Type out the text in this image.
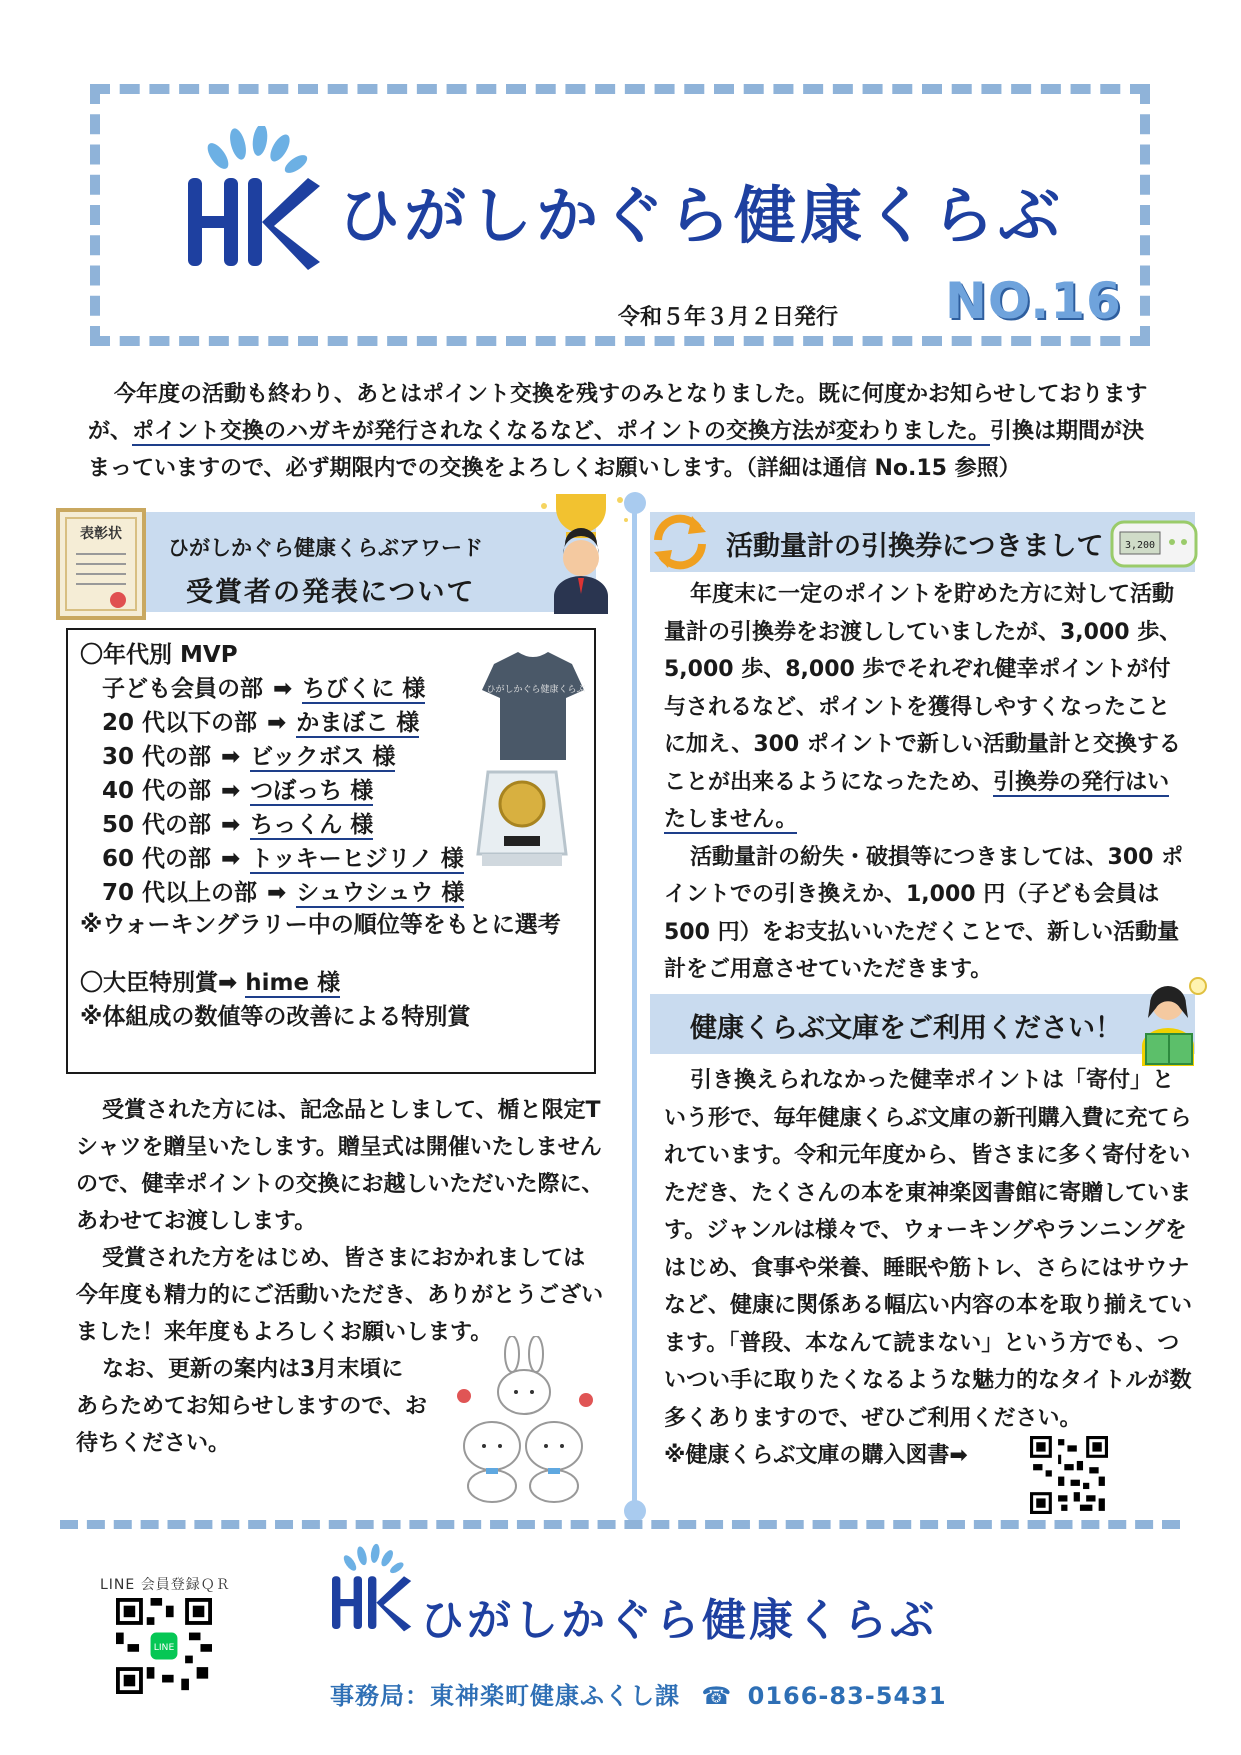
ひがしかぐら健康くらぶ
令和５年３月２日発行 NO.16

今年度の活動も終わり、あとはポイント交換を残すのみとなりました。既に何度かお知らせしておりますが、ポイント交換のハガキが発行されなくなるなど、ポイントの交換方法が変わりました。引換は期間が決まっていますので、必ず期限内での交換をよろしくお願いします。（詳細は通信 No.15 参照）

表彰状
ひがしかぐら健康くらぶアワード
受賞者の発表について
〇年代別 MVP
子ども会員の部 ➡ ちびくに 様
20 代以下の部 ➡ かまぼこ 様
30 代の部 ➡ ビックボス 様
40 代の部 ➡ つぼっち 様
50 代の部 ➡ ちっくん 様
60 代の部 ➡ トッキーヒジリノ 様
70 代以上の部 ➡ シュウシュウ 様
※ウォーキングラリー中の順位等をもとに選考
〇大臣特別賞➡ hime 様
※体組成の数値等の改善による特別賞
ひがしかぐら健康くらぶ

受賞された方には、記念品としまして、楯と限定Tシャツを贈呈いたします。贈呈式は開催いたしませんので、健幸ポイントの交換にお越しいただいた際に、あわせてお渡しします。

受賞された方をはじめ、皆さまにおかれましては今年度も精力的にご活動いただき、ありがとうございました！来年度もよろしくお願いします。

なお、更新の案内は3月末頃に

あらためてお知らせしますので、お

待ちください。

活動量計の引換券につきまして 3,200

年度末に一定のポイントを貯めた方に対して活動量計の引換券をお渡ししていましたが、3,000 歩、5,000 歩、8,000 歩でそれぞれ健幸ポイントが付与されるなど、ポイントを獲得しやすくなったことに加え、300 ポイントで新しい活動量計と交換することが出来るようになったため、引換券の発行はいたしません。

活動量計の紛失・破損等につきましては、300 ポイントでの引き換えか、1,000 円（子ども会員は 500 円）をお支払いいただくことで、新しい活動量計をご用意させていただきます。

健康くらぶ文庫をご利用ください！

引き換えられなかった健幸ポイントは「寄付」という形で、毎年健康くらぶ文庫の新刊購入費に充てられています。令和元年度から、皆さまに多く寄付をいただき、たくさんの本を東神楽図書館に寄贈しています。ジャンルは様々で、ウォーキングやランニングをはじめ、食事や栄養、睡眠や筋トレ、さらにはサウナなど、健康に関係ある幅広い内容の本を取り揃えています。「普段、本なんて読まない」という方でも、ついつい手に取りたくなるような魅力的なタイトルが数多くありますので、ぜひご利用ください。

※健康くらぶ文庫の購入図書➡

LINE 会員登録ＱＲ
LINE
ひがしかぐら健康くらぶ
事務局：東神楽町健康ふくし課 ☎ 0166-83-5431
